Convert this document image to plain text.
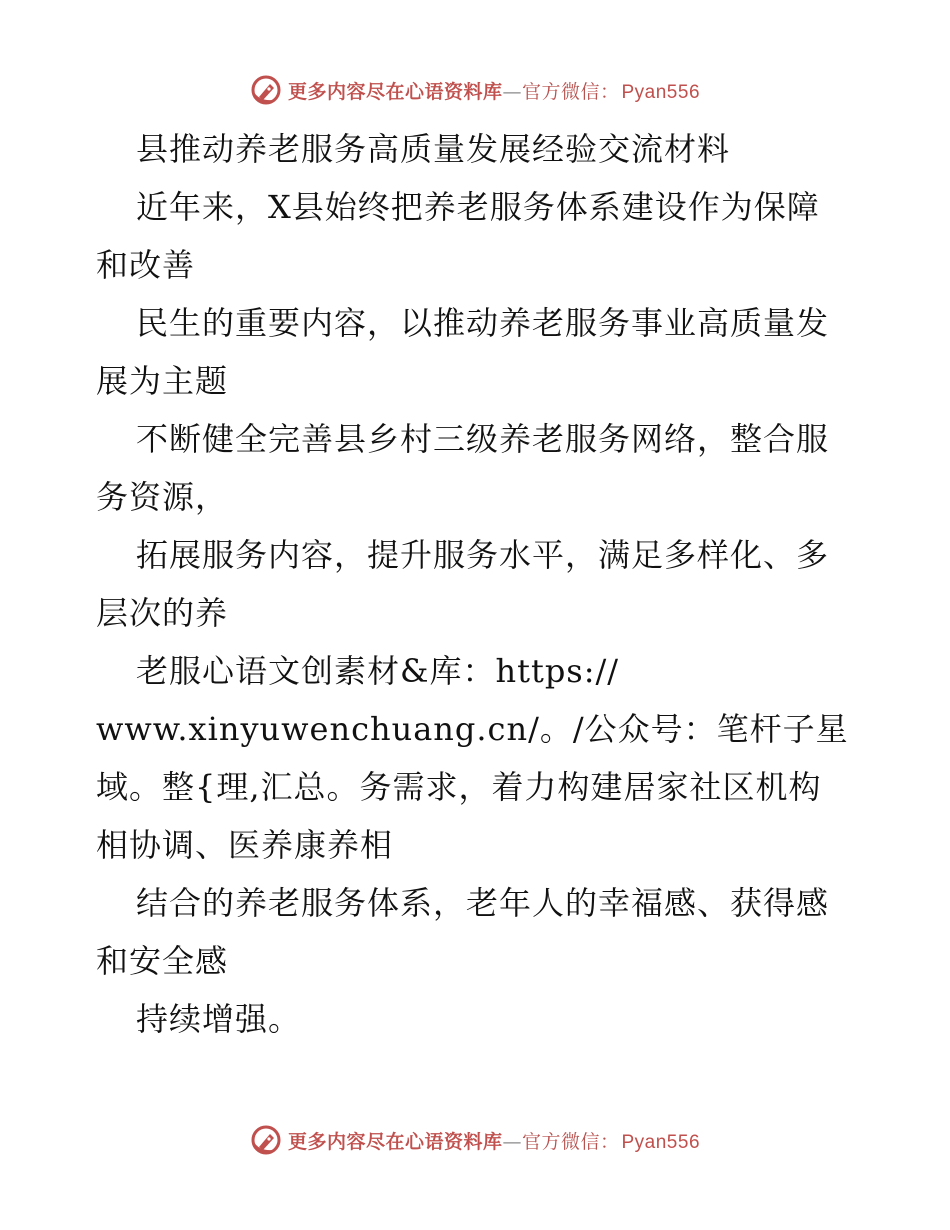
更多内容尽在心语资料库—官方微信： Pyan556
县推动养老服务高质量发展经验交流材料
近年来，X县始终把养老服务体系建设作为保障
和改善
民生的重要内容，以推动养老服务事业高质量发
展为主题
不断健全完善县乡村三级养老服务网络，整合服
务资源，
拓展服务内容，提升服务水平，满足多样化、多
层次的养
老服心语文创素材&库：https://
www.xinyuwenchuang.cn/。/公众号：笔杆子星
域。整{理,汇总。务需求，着力构建居家社区机构
相协调、医养康养相
结合的养老服务体系，老年人的幸福感、获得感
和安全感
持续增强。
更多内容尽在心语资料库—官方微信： Pyan556
